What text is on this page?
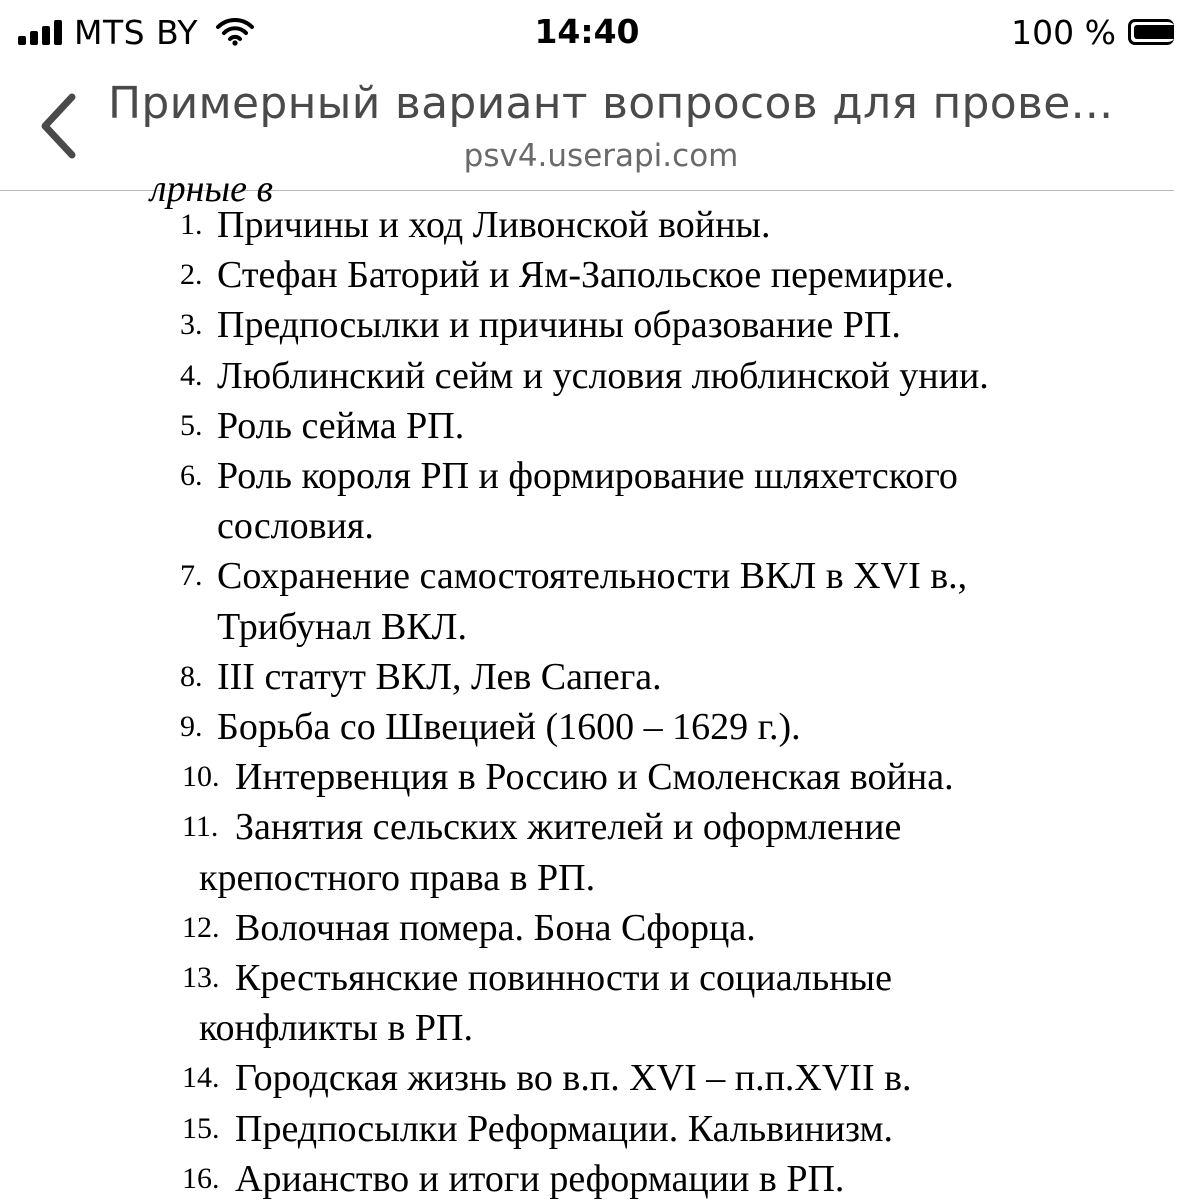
MTS BY	14:40	100 %
Примерный вариант вопросов для прове...
psv4.userapi.com
лрные в
1. Причины и ход Ливонской войны.
2. Стефан Баторий и Ям-Запольское перемирие.
3. Предпосылки и причины образование РП.
4. Люблинский сейм и условия люблинской унии.
5. Роль сейма РП.
6. Роль короля РП и формирование шляхетского
сословия.
7. Сохранение самостоятельности ВКЛ в XVI в.,
Трибунал ВКЛ.
8. III статут ВКЛ, Лев Сапега.
9. Борьба со Швецией (1600 – 1629 г.).
10. Интервенция в Россию и Смоленская война.
11. Занятия сельских жителей и оформление
крепостного права в РП.
12. Волочная помера. Бона Сфорца.
13. Крестьянские повинности и социальные
конфликты в РП.
14. Городская жизнь во в.п. XVI – п.п.XVII в.
15. Предпосылки Реформации. Кальвинизм.
16. Арианство и итоги реформации в РП.
